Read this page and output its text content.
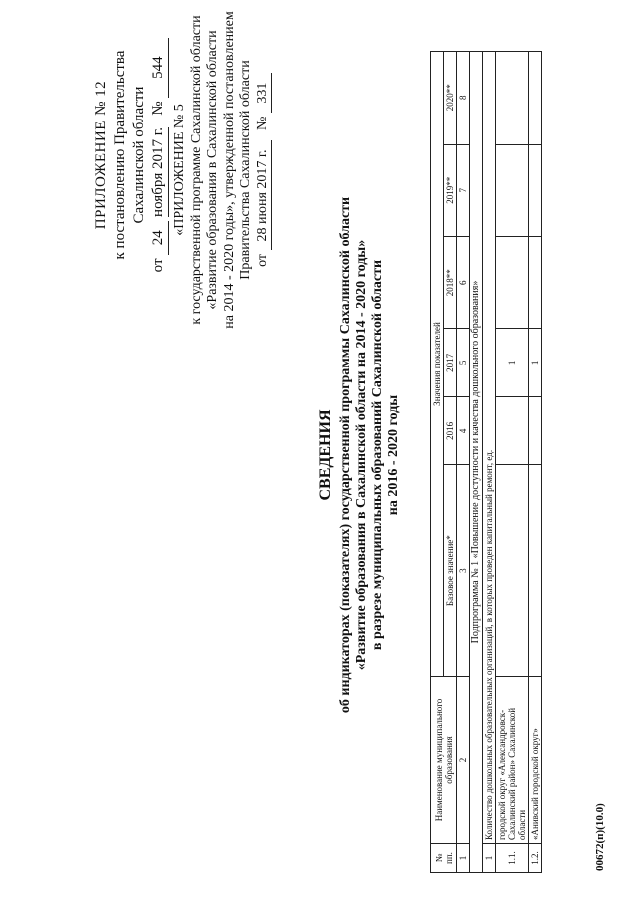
ПРИЛОЖЕНИЕ № 12 к постановлению Правительства Сахалинской области
от 24 ноября 2017 г.   № 544
«ПРИЛОЖЕНИЕ № 5 к государственной программе Сахалинской области «Развитие образования в Сахалинской области на 2014 - 2020 годы», утвержденной постановлением Правительства Сахалинской области от 28 июня 2017 г.   № 331
СВЕДЕНИЯ об индикаторах (показателях) государственной программы Сахалинской области «Развитие образования в Сахалинской области на 2014 - 2020 годы» в разрезе муниципальных образований Сахалинской области на 2016 - 2020 годы
№ пп.	Наименование муниципального образования	Значения показателей					
		Базовое значение*	2016	2017	2018**	2019**	2020**
1	2	3	4	5	6	7	8
Подпрограмма № 1 «Повышение доступности и качества дошкольного образования»							
1	Количество дошкольных образовательных организаций, в которых проведен капитальный ремонт, ед.						
1.1.	городской округ «Александровск-Сахалинский район» Сахалинской области			1			
1.2.	«Анивский городской округ»			1			
00672(п)(10.0)
